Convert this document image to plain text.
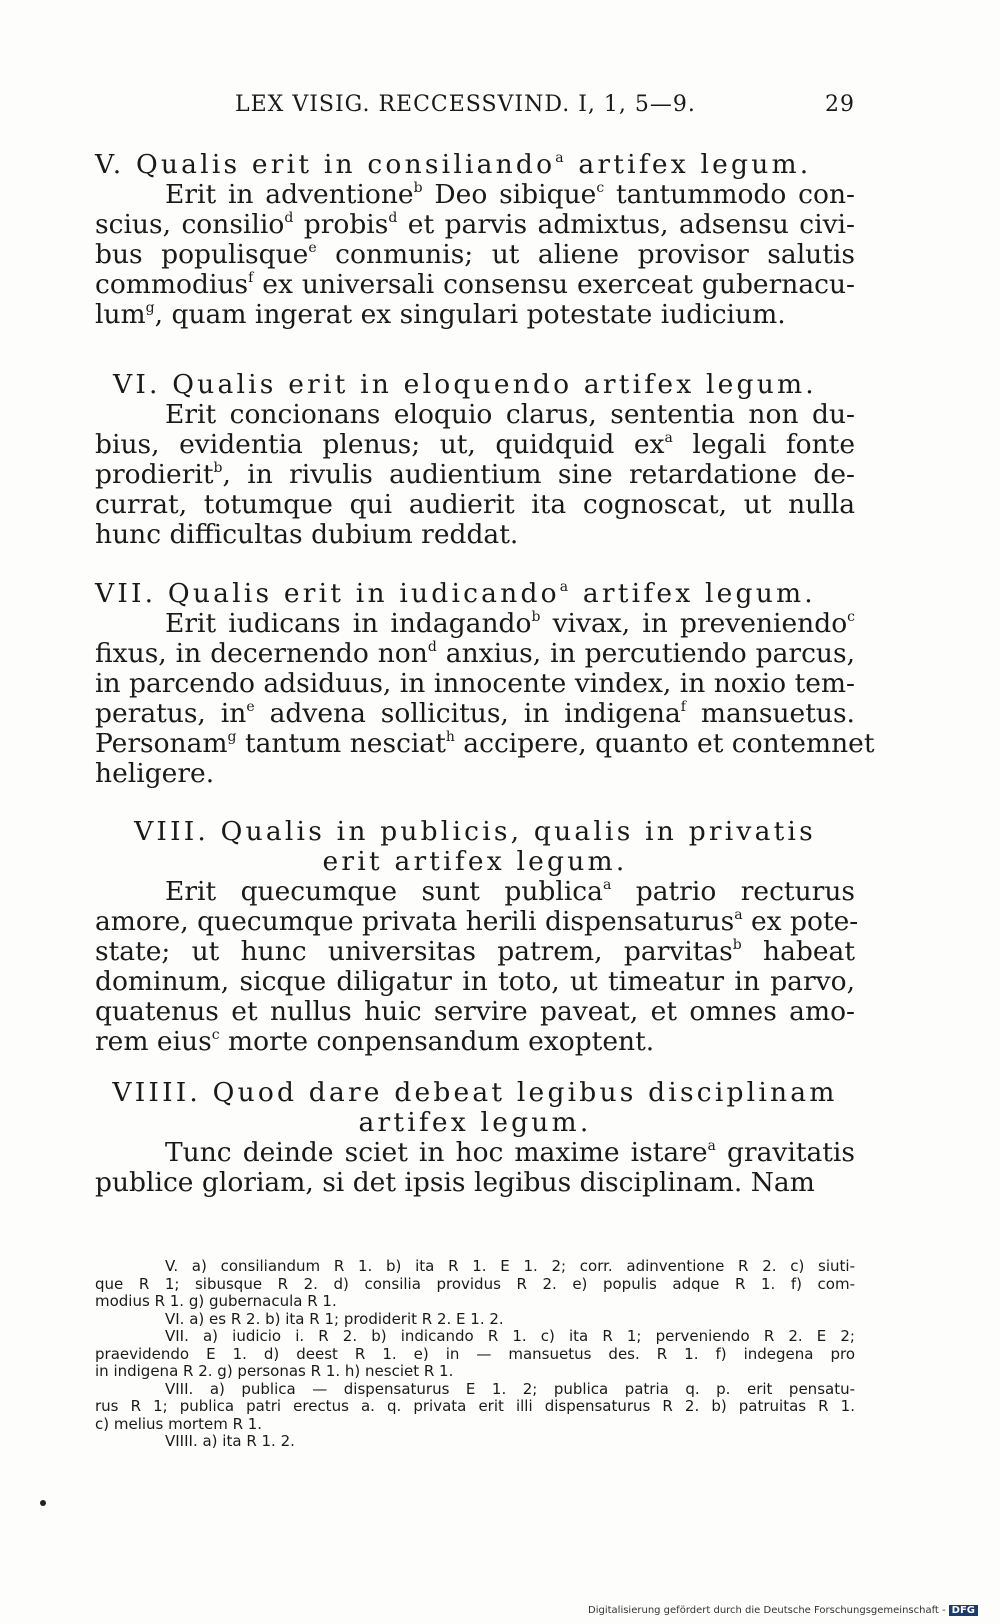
LEX VISIG. RECCESSVIND. I, 1, 5—9.	29
V. Qualis erit in consiliando$^a$ artifex legum.
Erit in adventione$^b$ Deo sibique$^c$ tantummodo con-
scius, consilio$^d$ probis$^d$ et parvis admixtus, adsensu civi-
bus populisque$^e$ conmunis; ut aliene provisor salutis
commodius$^f$ ex universali consensu exerceat gubernacu-
lum$^g$, quam ingerat ex singulari potestate iudicium.
VI. Qualis erit in eloquendo artifex legum.
Erit concionans eloquio clarus, sententia non du-
bius, evidentia plenus; ut, quidquid $ex^a$ legali fonte
prodierit$^b$, in rivulis audientium sine retardatione de-
currat, totumque qui audierit ita cognoscat, ut nulla
hunc difficultas dubium reddat.
VII. Qualis erit in iudicando$^a$ artifex legum.
Erit iudicans in indagando$^b$ vivax, in preveniendo$^c$
fixus, in decernendo non$^d$ anxius, in percutiendo parcus,
in parcendo adsiduus, in innocente vindex, in noxio tem-
peratus, $in^e$ advena sollicitus, in indigena$^f$ mansuetus.
Personam$^g$ tantum nesciat$^h$ accipere, quanto et contemnet
heligere.
VIII. Qualis in publicis, qualis in privatis
erit artifex legum.
Erit quecumque sunt publica$^a$ patrio recturus
amore, quecumque privata herili dispensaturus$^a$ ex pote-
state; ut hunc universitas patrem, parvitas$^b$ habeat
dominum, sicque diligatur in toto, ut timeatur in parvo,
quatenus et nullus huic servire paveat, et omnes amo-
rem eius$^c$ morte conpensandum exoptent.
VIIII. Quod dare debeat legibus disciplinam
artifex legum.
Tunc deinde sciet in hoc maxime istare$^a$ gravitatis
publice gloriam, si det ipsis legibus disciplinam. Nam
V. a) consiliandum R 1. b) ita R 1. E 1. 2; corr. adinventione R 2. c) siuti-
que R 1; sibusque R 2. d) consilia providus R 2. e) populis adque R 1. f) com-
modius R 1. g) gubernacula R 1.
VI. a) es R 2. b) ita R 1; prodiderit R 2. E 1. 2.
VII. a) iudicio i. R 2. b) indicando R 1. c) ita R 1; perveniendo R 2. E 2;
praevidendo E 1. d) deest R 1. e) in — mansuetus des. R 1. f) indegena pro
in indigena R 2. g) personas R 1. h) nesciet R 1.
VIII. a) publica — dispensaturus E 1. 2; publica patria q. p. erit pensatu-
rus R 1; publica patri erectus a. q. privata erit illi dispensaturus R 2. b) patruitas R 1.
c) melius mortem R 1.
VIIII. a) ita R 1. 2.
Digitalisierung gefördert durch die Deutsche Forschungsgemeinschaft - DFG
